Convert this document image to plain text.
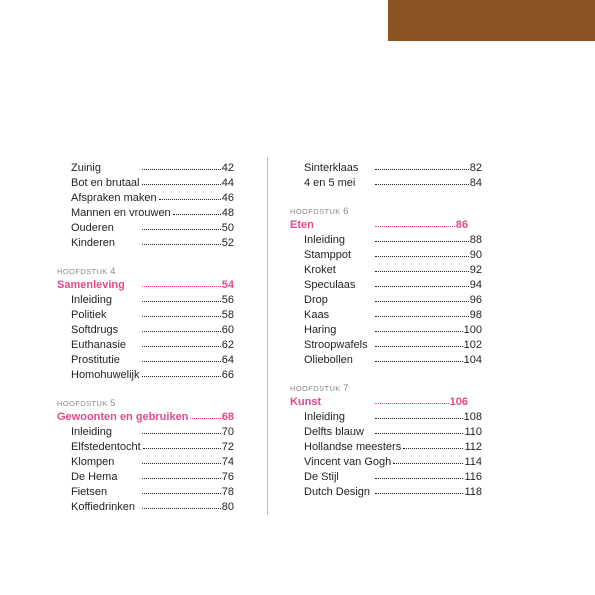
Zuinig	42
Bot en brutaal	44
Afspraken maken	46
Mannen en vrouwen	48
Ouderen	50
Kinderen	52
HOOFDSTUK 4
Samenleving	54
Inleiding	56
Politiek	58
Softdrugs	60
Euthanasie	62
Prostitutie	64
Homohuwelijk	66
HOOFDSTUK 5
Gewoonten en gebruiken	68
Inleiding	70
Elfstedentocht	72
Klompen	74
De Hema	76
Fietsen	78
Koffiedrinken	80
Sinterklaas	82
4 en 5 mei	84
HOOFDSTUK 6
Eten	86
Inleiding	88
Stamppot	90
Kroket	92
Speculaas	94
Drop	96
Kaas	98
Haring	100
Stroopwafels	102
Oliebollen	104
HOOFDSTUK 7
Kunst	106
Inleiding	108
Delfts blauw	110
Hollandse meesters	112
Vincent van Gogh	114
De Stijl	116
Dutch Design	118
